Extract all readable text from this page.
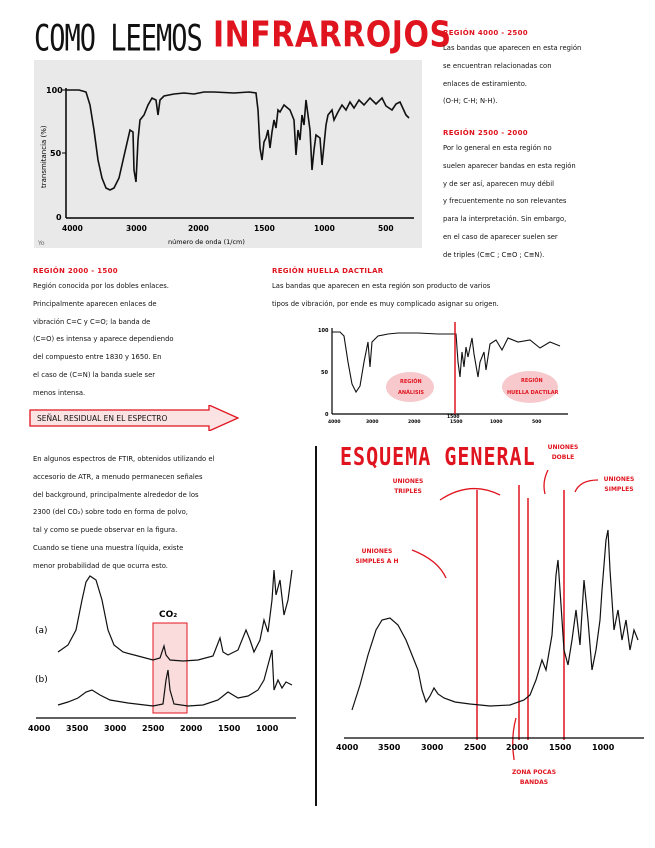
COMO LEEMOS INFRARROJOS
100
50
0
transmitancia (%)
4000	3000	2000	1500	1000	500
número de onda (1/cm)
Yo
REGIÓN 4000 - 2500
Las bandas que aparecen en esta región
se encuentran relacionadas con
enlaces de estiramiento.
(O-H; C-H; N-H).
REGIÓN 2500 - 2000
Por lo general en esta región no
suelen aparecer bandas en esta región
y de ser así, aparecen muy débil
y frecuentemente no son relevantes
para la interpretación. Sin embargo,
en el caso de aparecer suelen ser
de triples (C≡C ; C≡O ; C≡N).
REGIÓN 2000 - 1500
Región conocida por los dobles enlaces.
Principalmente aparecen enlaces de
vibración C=C y C=O; la banda de
(C=O) es intensa y aparece dependiendo
del compuesto entre 1830 y 1650. En
el caso de (C=N) la banda suele ser
menos intensa.
REGIÓN HUELLA DACTILAR
Las bandas que aparecen en esta región son producto de varios
tipos de vibración, por ende es muy complicado asignar su origen.
100
50
0
4000	3000	2000	1500	1000	500
REGIÓN
ANÁLISIS
REGIÓN
HUELLA DACTILAR
1500
SEÑAL RESIDUAL EN EL ESPECTRO
En algunos espectros de FTIR, obtenidos utilizando el
accesorio de ATR, a menudo permanecen señales
del background, principalmente alrededor de los
2300 (del CO₂) sobre todo en forma de polvo,
tal y como se puede observar en la figura.
Cuando se tiene una muestra líquida, existe
menor probabilidad de que ocurra esto.
CO₂
(a)
(b)
4000 3500 3000 2500 2000 1500 1000
ESQUEMA GENERAL
UNIONES
TRIPLES
UNIONES
DOBLE
UNIONES
SIMPLES
UNIONES
SIMPLES A H
ZONA POCAS
BANDAS
4000 3500	3000	2500 2000	1500	1000
